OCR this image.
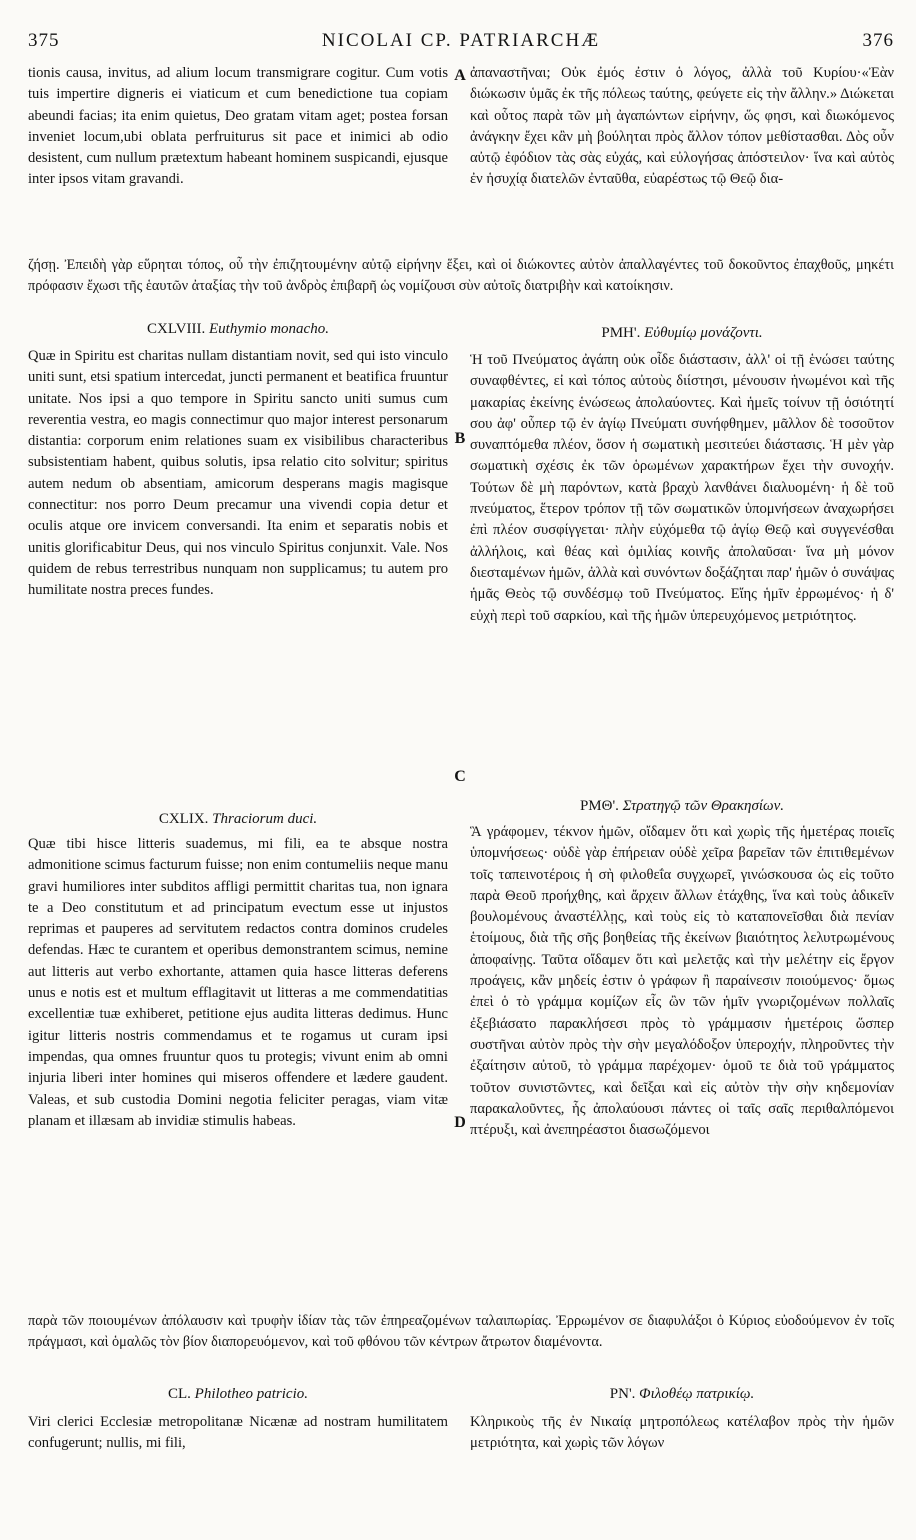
375	NICOLAI CP. PATRIARCHÆ	376
A
B
C
D

tionis causa, invitus, ad alium locum transmigrare cogitur. Cum votis tuis impertire digneris ei viaticum et cum benedictione tua copiam abeundi facias; ita enim quietus, Deo gratam vitam aget; postea forsan inveniet locum,ubi oblata perfruiturus sit pace et inimici ab odio desistent, cum nullum prætextum habeant hominem suspicandi, ejusque inter ipsos vitam gravandi.

ἀπαναστῆναι; Οὐκ ἐμός ἐστιν ὁ λόγος, ἀλλὰ τοῦ Κυρίου·«Ἐὰν διώκωσιν ὑμᾶς ἐκ τῆς πόλεως ταύτης, φεύγετε εἰς τὴν ἄλλην.» Διώκεται καὶ οὗτος παρὰ τῶν μὴ ἀγαπώντων εἰρήνην, ὥς φησι, καὶ διωκόμενος ἀνάγκην ἔχει κἂν μὴ βούληται πρὸς ἄλλον τόπον μεθίστασθαι. Δὸς οὖν αὐτῷ ἐφόδιον τὰς σὰς εὐχάς, καὶ εὐλογήσας ἀπόστειλον· ἵνα καὶ αὐτὸς ἐν ἡσυχίᾳ διατελῶν ἐνταῦθα, εὐαρέστως τῷ Θεῷ δια-

ζήσῃ. Ἐπειδὴ γὰρ εὕρηται τόπος, οὗ τὴν ἐπιζητουμένην αὐτῷ εἰρήνην ἕξει, καὶ οἱ διώκοντες αὐτὸν ἀπαλλαγέντες τοῦ δοκοῦντος ἐπαχθοῦς, μηκέτι πρόφασιν ἔχωσι τῆς ἑαυτῶν ἀταξίας τὴν τοῦ ἀνδρὸς ἐπιβαρῆ ὡς νομίζουσι σὺν αὐτοῖς διατριβὴν καὶ κατοίκησιν.
CXLVIII. Euthymio monacho.	ΡΜΗ'. Εὐθυμίῳ μονάζοντι.

Quæ in Spiritu est charitas nullam distantiam novit, sed qui isto vinculo uniti sunt, etsi spatium intercedat, juncti permanent et beatifica fruuntur unitate. Nos ipsi a quo tempore in Spiritu sancto uniti sumus cum reverentia vestra, eo magis connectimur quo major interest personarum distantia: corporum enim relationes suam ex visibilibus characteribus subsistentiam habent, quibus solutis, ipsa relatio cito solvitur; spiritus autem nedum ob absentiam, amicorum desperans magis magisque connectitur: nos porro Deum precamur una vivendi copia detur et oculis atque ore invicem conversandi. Ita enim et separatis nobis et unitis glorificabitur Deus, qui nos vinculo Spiritus conjunxit. Vale. Nos quidem de rebus terrestribus nunquam non supplicamus; tu autem pro humilitate nostra preces fundes.

Ἡ τοῦ Πνεύματος ἀγάπη οὐκ οἶδε διάστασιν, ἀλλ' οἱ τῇ ἑνώσει ταύτης συναφθέντες, εἰ καὶ τόπος αὐτοὺς διίστησι, μένουσιν ἡνωμένοι καὶ τῆς μακαρίας ἐκείνης ἑνώσεως ἀπολαύοντες. Καὶ ἡμεῖς τοίνυν τῇ ὁσιότητί σου ἀφ' οὗπερ τῷ ἐν ἁγίῳ Πνεύματι συνήφθημεν, μᾶλλον δὲ τοσοῦτον συναπτόμεθα πλέον, ὅσον ἡ σωματικὴ μεσιτεύει διάστασις. Ἡ μὲν γὰρ σωματικὴ σχέσις ἐκ τῶν ὁρωμένων χαρακτήρων ἔχει τὴν συνοχήν. Τούτων δὲ μὴ παρόντων, κατὰ βραχὺ λανθάνει διαλυομένη· ἡ δὲ τοῦ πνεύματος, ἕτερον τρόπον τῇ τῶν σωματικῶν ὑπομνήσεων ἀναχωρήσει ἐπὶ πλέον συσφίγγεται· πλὴν εὐχόμεθα τῷ ἁγίῳ Θεῷ καὶ συγγενέσθαι ἀλλήλοις, καὶ θέας καὶ ὁμιλίας κοινῆς ἀπολαῦσαι· ἵνα μὴ μόνον διεσταμένων ἡμῶν, ἀλλὰ καὶ συνόντων δοξάζηται παρ' ἡμῶν ὁ συνάψας ἡμᾶς Θεὸς τῷ συνδέσμῳ τοῦ Πνεύματος. Εἴης ἡμῖν ἐρρωμένος· ἡ δ' εὐχὴ περὶ τοῦ σαρκίου, καὶ τῆς ἡμῶν ὑπερευχόμενος μετριότητος.

CXLIX. Thraciorum duci.
ΡΜΘ'. Στρατηγῷ τῶν Θρακησίων.

Quæ tibi hisce litteris suademus, mi fili, ea te absque nostra admonitione scimus facturum fuisse; non enim contumeliis neque manu gravi humiliores inter subditos affligi permittit charitas tua, non ignara te a Deo constitutum et ad principatum evectum esse ut injustos reprimas et pauperes ad servitutem redactos contra dominos crudeles defendas. Hæc te curantem et operibus demonstrantem scimus, nemine aut litteris aut verbo exhortante, attamen quia hasce litteras deferens unus e notis est et multum efflagitavit ut litteras a me commendatitias excellentiæ tuæ exhiberet, petitione ejus audita litteras dedimus. Hunc igitur litteris nostris commendamus et te rogamus ut curam ipsi impendas, qua omnes fruuntur quos tu protegis; vivunt enim ab omni injuria liberi inter homines qui miseros offendere et lædere gaudent. Valeas, et sub custodia Domini negotia feliciter peragas, viam vitæ planam et illæsam ab invidiæ stimulis habeas.

Ἃ γράφομεν, τέκνον ἡμῶν, οἴδαμεν ὅτι καὶ χωρὶς τῆς ἡμετέρας ποιεῖς ὑπομνήσεως· οὐδὲ γὰρ ἐπήρειαν οὐδὲ χεῖρα βαρεῖαν τῶν ἐπιτιθεμένων τοῖς ταπεινοτέροις ἡ σὴ φιλοθεΐα συγχωρεῖ, γινώσκουσα ὡς εἰς τοῦτο παρὰ Θεοῦ προήχθης, καὶ ἄρχειν ἄλλων ἐτάχθης, ἵνα καὶ τοὺς ἀδικεῖν βουλομένους ἀναστέλλῃς, καὶ τοὺς εἰς τὸ καταπονεῖσθαι διὰ πενίαν ἑτοίμους, διὰ τῆς σῆς βοηθείας τῆς ἐκείνων βιαιότητος λελυτρωμένους ἀποφαίνῃς. Ταῦτα οἴδαμεν ὅτι καὶ μελετᾷς καὶ τὴν μελέτην εἰς ἔργον προάγεις, κἂν μηδείς ἐστιν ὁ γράφων ἢ παραίνεσιν ποιούμενος· ὅμως ἐπεὶ ὁ τὸ γράμμα κομίζων εἷς ὢν τῶν ἡμῖν γνωριζομένων πολλαῖς ἐξεβιάσατο παρακλήσεσι πρὸς τὸ γράμμασιν ἡμετέροις ὥσπερ συστῆναι αὐτὸν πρὸς τὴν σὴν μεγαλόδοξον ὑπεροχήν, πληροῦντες τὴν ἐξαίτησιν αὐτοῦ, τὸ γράμμα παρέχομεν· ὁμοῦ τε διὰ τοῦ γράμματος τοῦτον συνιστῶντες, καὶ δεῖξαι καὶ εἰς αὐτὸν τὴν σὴν κηδεμονίαν παρακαλοῦντες, ἧς ἀπολαύουσι πάντες οἱ ταῖς σαῖς περιθαλπόμενοι πτέρυξι, καὶ ἀνεπηρέαστοι διασωζόμενοι

παρὰ τῶν ποιουμένων ἀπόλαυσιν καὶ τρυφὴν ἰδίαν τὰς τῶν ἐπηρεαζομένων ταλαιπωρίας. Ἐρρωμένον σε διαφυλάξοι ὁ Κύριος εὐοδούμενον ἐν τοῖς πράγμασι, καὶ ὁμαλῶς τὸν βίον διαπορευόμενον, καὶ τοῦ φθόνου τῶν κέντρων ἄτρωτον διαμένοντα.
CL. Philotheo patricio.	ΡΝ'. Φιλοθέῳ πατρικίῳ.

Viri clerici Ecclesiæ metropolitanæ Nicænæ ad nostram humilitatem confugerunt; nullis, mi fili,

Κληρικοὺς τῆς ἐν Νικαίᾳ μητροπόλεως κατέλαβον πρὸς τὴν ἡμῶν μετριότητα, καὶ χωρὶς τῶν λόγων
